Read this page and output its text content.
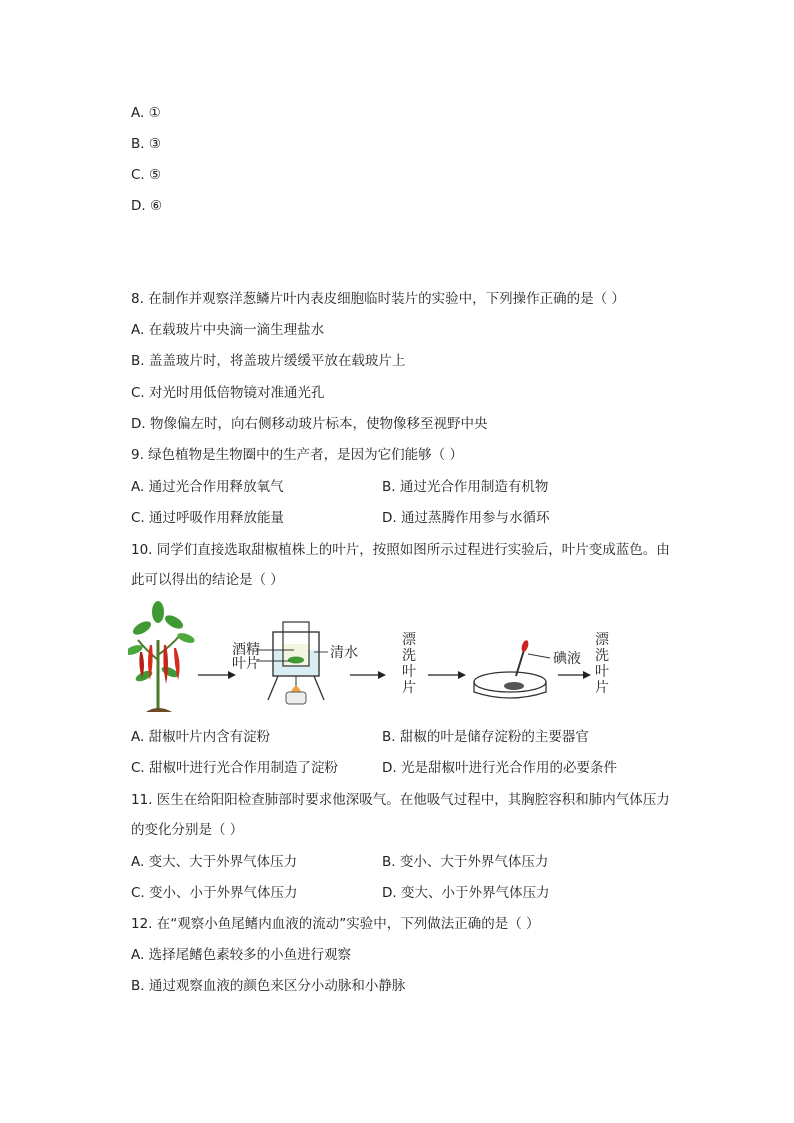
A. ①
B. ③
C. ⑤
D. ⑥
8. 在制作并观察洋葱鳞片叶内表皮细胞临时装片的实验中，下列操作正确的是（ ）
A. 在载玻片中央滴一滴生理盐水
B. 盖盖玻片时，将盖玻片缓缓平放在载玻片上
C. 对光时用低倍物镜对准通光孔
D. 物像偏左时，向右侧移动玻片标本，使物像移至视野中央
9. 绿色植物是生物圈中的生产者，是因为它们能够（ ）
A. 通过光合作用释放氧气	B. 通过光合作用制造有机物
C. 通过呼吸作用释放能量	D. 通过蒸腾作用参与水循环
10. 同学们直接选取甜椒植株上的叶片，按照如图所示过程进行实验后，叶片变成蓝色。由
此可以得出的结论是（ ）
酒精
叶片
清水
漂
洗
叶
片
碘液
漂
洗
叶
片
A. 甜椒叶片内含有淀粉	B. 甜椒的叶是储存淀粉的主要器官
C. 甜椒叶进行光合作用制造了淀粉	D. 光是甜椒叶进行光合作用的必要条件
11. 医生在给阳阳检查肺部时要求他深吸气。在他吸气过程中，其胸腔容积和肺内气体压力
的变化分别是（ ）
A. 变大、大于外界气体压力	B. 变小、大于外界气体压力
C. 变小、小于外界气体压力	D. 变大、小于外界气体压力
12. 在“观察小鱼尾鳍内血液的流动”实验中，下列做法正确的是（ ）
A. 选择尾鳍色素较多的小鱼进行观察
B. 通过观察血液的颜色来区分小动脉和小静脉
